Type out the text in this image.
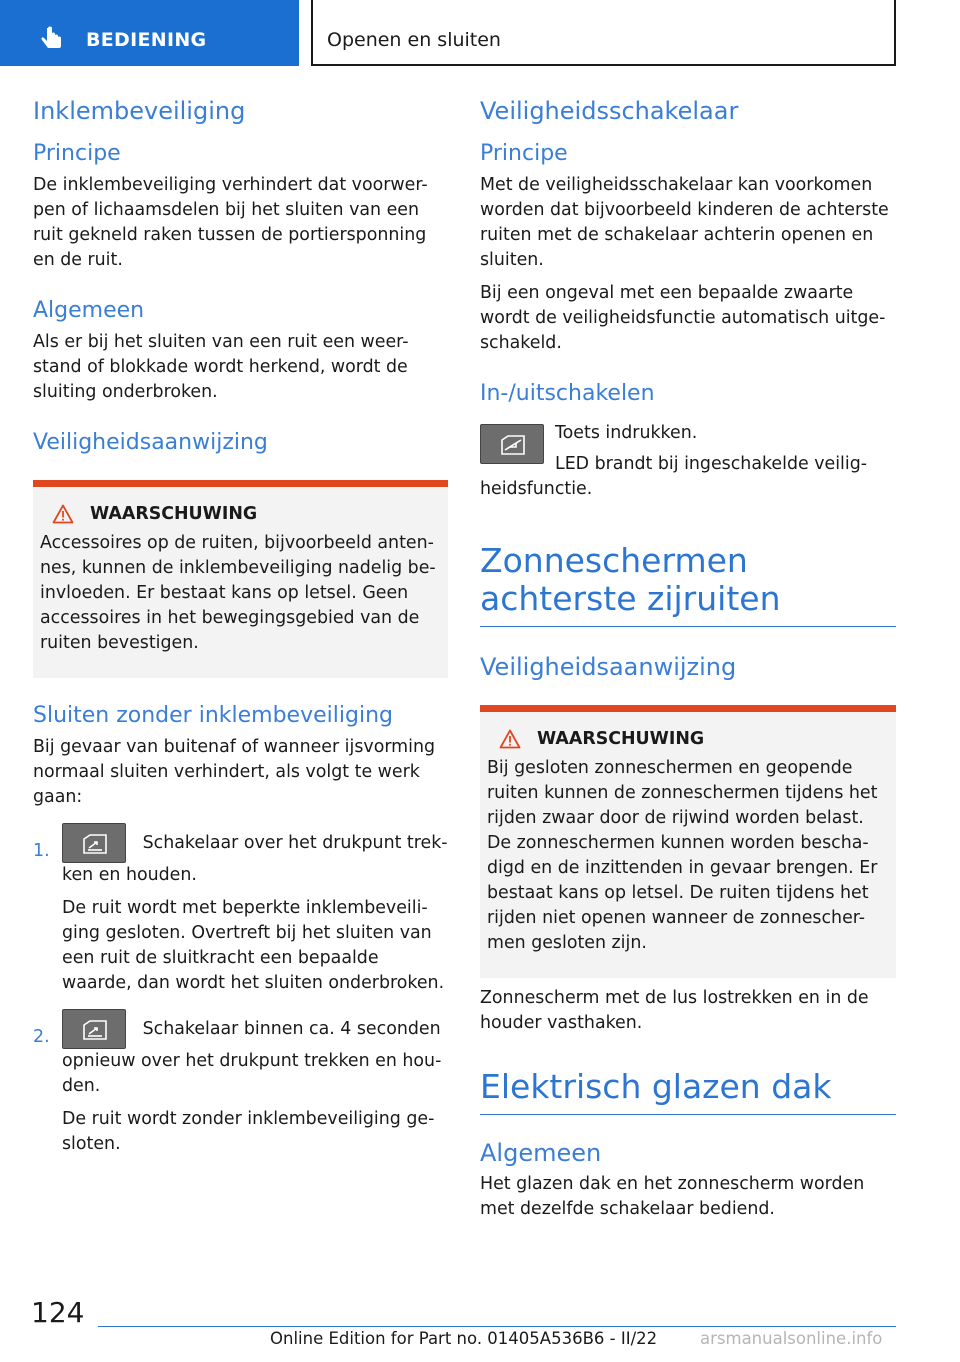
BEDIENING	Openen en sluiten
Inklembeveiliging
Principe

De inklembeveiliging verhindert dat voorwer-pen of lichaamsdelen bij het sluiten van een ruit gekneld raken tussen de portiersponning en de ruit.

Algemeen

Als er bij het sluiten van een ruit een weer-stand of blokkade wordt herkend, wordt de sluiting onderbroken.

Veiligheidsaanwijzing
WAARSCHUWING

Accessoires op de ruiten, bijvoorbeeld anten-nes, kunnen de inklembeveiliging nadelig be-invloeden. Er bestaat kans op letsel. Geen accessoires in het bewegingsgebied van de ruiten bevestigen.

Sluiten zonder inklembeveiliging

Bij gevaar van buitenaf of wanneer ijsvorming normaal sluiten verhindert, als volgt te werk gaan:

1.	Schakelaar over het drukpunt trek-ken en houden.

De ruit wordt met beperkte inklembeveili-ging gesloten. Overtreft bij het sluiten van een ruit de sluitkracht een bepaalde waarde, dan wordt het sluiten onderbroken.

2.	Schakelaar binnen ca. 4 seconden opnieuw over het drukpunt trekken en hou-den.

De ruit wordt zonder inklembeveiliging ge-sloten.

Veiligheidsschakelaar
Principe

Met de veiligheidsschakelaar kan voorkomen worden dat bijvoorbeeld kinderen de achterste ruiten met de schakelaar achterin openen en sluiten.

Bij een ongeval met een bepaalde zwaarte wordt de veiligheidsfunctie automatisch uitge-schakeld.

In-/uitschakelen

Toets indrukken.

LED brandt bij ingeschakelde veilig-heidsfunctie.

Zonneschermen achterste zijruiten
Veiligheidsaanwijzing
WAARSCHUWING

Bij gesloten zonneschermen en geopende ruiten kunnen de zonneschermen tijdens het rijden zwaar door de rijwind worden belast. De zonneschermen kunnen worden bescha-digd en de inzittenden in gevaar brengen. Er bestaat kans op letsel. De ruiten tijdens het rijden niet openen wanneer de zonnescher-men gesloten zijn.

Zonnescherm met de lus lostrekken en in de houder vasthaken.

Elektrisch glazen dak
Algemeen

Het glazen dak en het zonnescherm worden met dezelfde schakelaar bediend.

124
Online Edition for Part no. 01405A536B6 - II/22	arsmanualsonline.info
